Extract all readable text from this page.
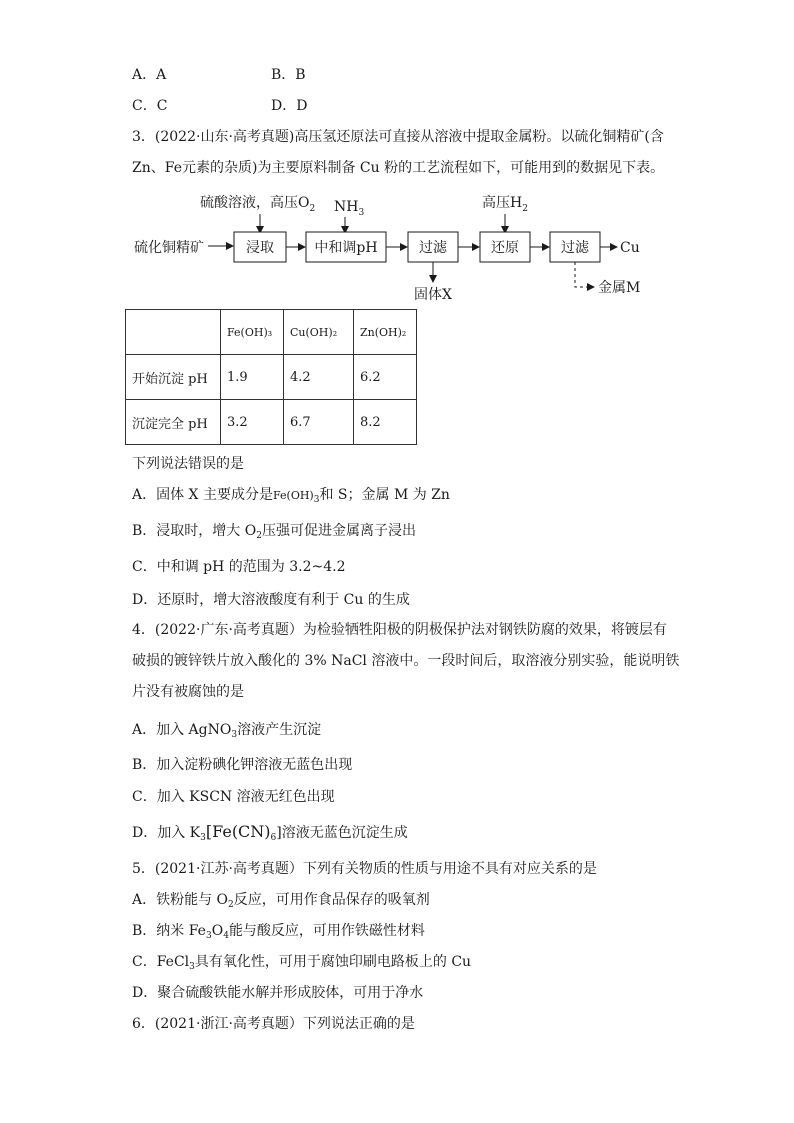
A．A	B．B
C．C	D．D
3．(2022·山东·高考真题)高压氢还原法可直接从溶液中提取金属粉。以硫化铜精矿(含
Zn、Fe元素的杂质)为主要原料制备 Cu 粉的工艺流程如下，可能用到的数据见下表。
硫酸溶液，高压$O_2$ $NH_3$
高压$H_2$
硫化铜精矿	浸取	中和调pH	过滤
固体X
还原	过滤 Cu
金属M
	Fe(OH)₃	Cu(OH)₂	Zn(OH)₂
开始沉淀 pH	1.9	4.2	6.2
沉淀完全 pH	3.2	6.7	8.2
下列说法错误的是
A．固体 X 主要成分是$Fe(OH)_3$和 S；金属 M 为 Zn
B．浸取时，增大 $O_2$压强可促进金属离子浸出
C．中和调 pH 的范围为 3.2~4.2
D．还原时，增大溶液酸度有利于 Cu 的生成
4．(2022·广东·高考真题）为检验牺牲阳极的阴极保护法对钢铁防腐的效果，将镀层有
破损的镀锌铁片放入酸化的 3% NaCl 溶液中。一段时间后，取溶液分别实验，能说明铁
片没有被腐蚀的是
A．加入 AgNO$_3$溶液产生沉淀
B．加入淀粉碘化钾溶液无蓝色出现
C．加入 KSCN 溶液无红色出现
D．加入 $K_3[Fe(CN)_6]$溶液无蓝色沉淀生成
5．(2021·江苏·高考真题）下列有关物质的性质与用途不具有对应关系的是
A．铁粉能与 $O_2$反应，可用作食品保存的吸氧剂
B．纳米 $Fe_3O_4$能与酸反应，可用作铁磁性材料
C．FeCl$_3$具有氧化性，可用于腐蚀印刷电路板上的 Cu
D．聚合硫酸铁能水解并形成胶体，可用于净水
6．(2021·浙江·高考真题）下列说法正确的是
